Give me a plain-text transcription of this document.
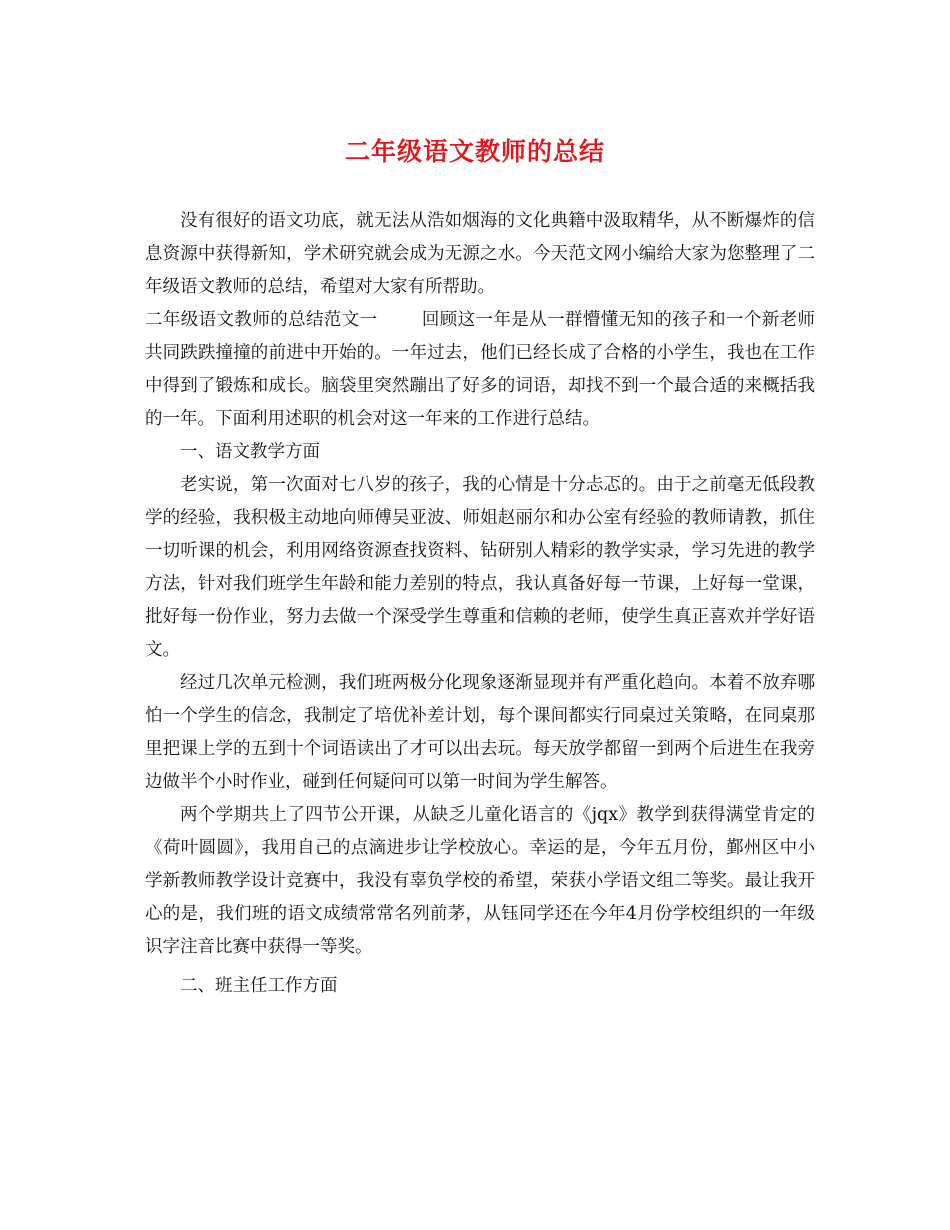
二年级语文教师的总结

没有很好的语文功底，就无法从浩如烟海的文化典籍中汲取精华，从不断爆炸的信息资源中获得新知，学术研究就会成为无源之水。今天范文网小编给大家为您整理了二年级语文教师的总结，希望对大家有所帮助。

二年级语文教师的总结范文一	回顾这一年是从一群懵懂无知的孩子和一个新老师共同跌跌撞撞的前进中开始的。一年过去，他们已经长成了合格的小学生，我也在工作中得到了锻炼和成长。脑袋里突然蹦出了好多的词语，却找不到一个最合适的来概括我的一年。下面利用述职的机会对这一年来的工作进行总结。

一、语文教学方面

老实说，第一次面对七八岁的孩子，我的心情是十分忐忑的。由于之前毫无低段教学的经验，我积极主动地向师傅吴亚波、师姐赵丽尔和办公室有经验的教师请教，抓住一切听课的机会，利用网络资源查找资料、钻研别人精彩的教学实录，学习先进的教学方法，针对我们班学生年龄和能力差别的特点，我认真备好每一节课，上好每一堂课，批好每一份作业，努力去做一个深受学生尊重和信赖的老师，使学生真正喜欢并学好语文。

经过几次单元检测，我们班两极分化现象逐渐显现并有严重化趋向。本着不放弃哪怕一个学生的信念，我制定了培优补差计划，每个课间都实行同桌过关策略，在同桌那里把课上学的五到十个词语读出了才可以出去玩。每天放学都留一到两个后进生在我旁边做半个小时作业，碰到任何疑问可以第一时间为学生解答。

两个学期共上了四节公开课，从缺乏儿童化语言的《jqx》教学到获得满堂肯定的《荷叶圆圆》，我用自己的点滴进步让学校放心。幸运的是，今年五月份，鄞州区中小学新教师教学设计竞赛中，我没有辜负学校的希望，荣获小学语文组二等奖。最让我开心的是，我们班的语文成绩常常名列前茅，从钰同学还在今年4月份学校组织的一年级识字注音比赛中获得一等奖。

二、班主任工作方面
